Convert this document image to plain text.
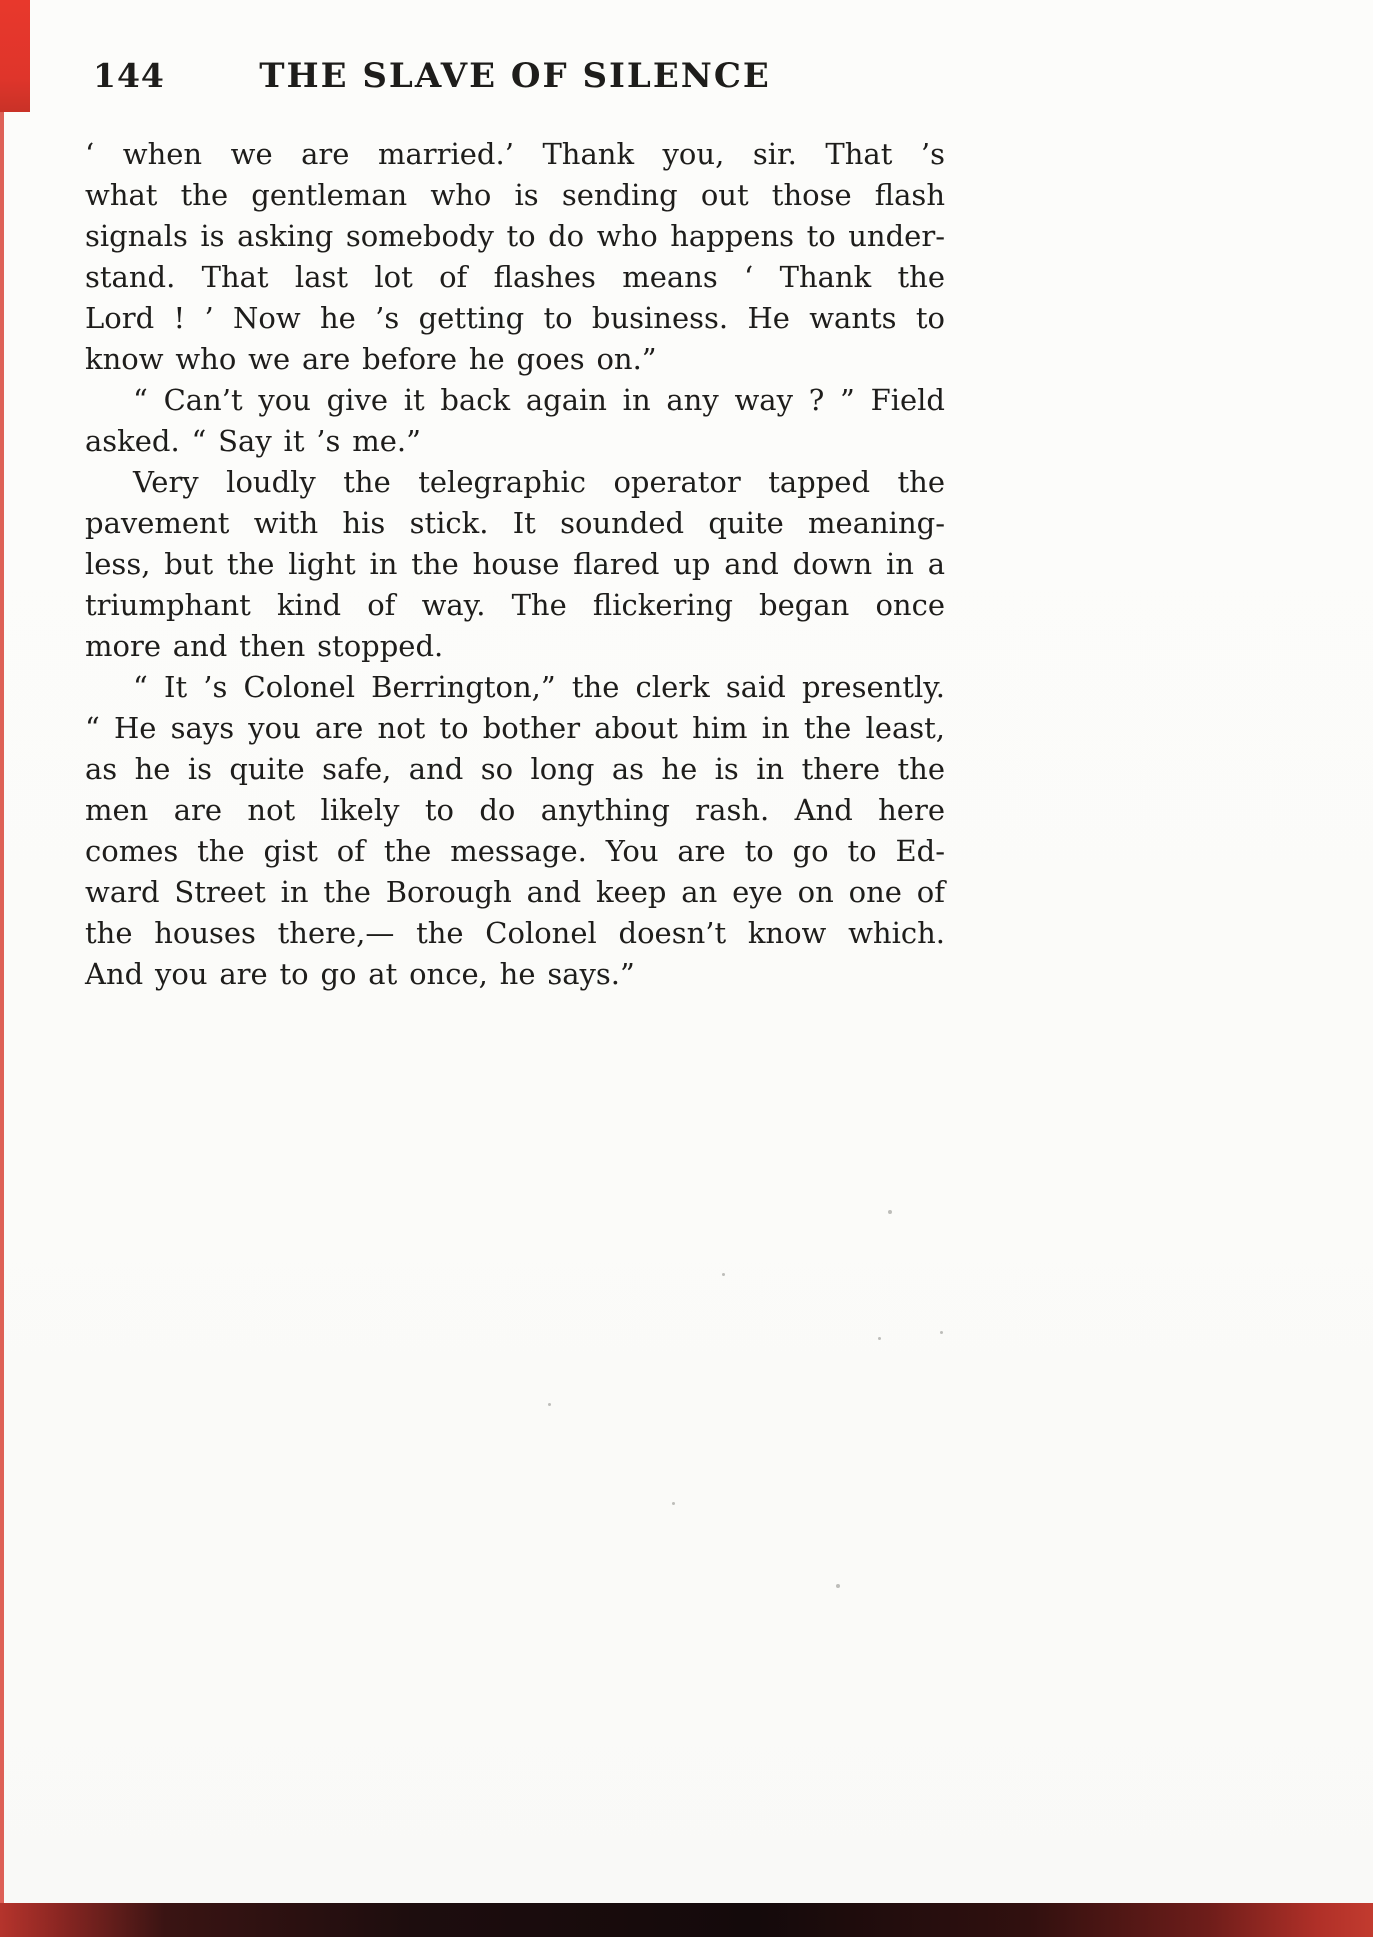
144	THE SLAVE OF SILENCE
‘ when we are married.’ Thank you, sir. That ’s
what the gentleman who is sending out those flash
signals is asking somebody to do who happens to under-
stand. That last lot of flashes means ‘ Thank the
Lord ! ’ Now he ’s getting to business. He wants to
know who we are before he goes on.”
“ Can’t you give it back again in any way ? ” Field
asked. “ Say it ’s me.”
Very loudly the telegraphic operator tapped the
pavement with his stick. It sounded quite meaning-
less, but the light in the house flared up and down in a
triumphant kind of way. The flickering began once
more and then stopped.
“ It ’s Colonel Berrington,” the clerk said presently.
“ He says you are not to bother about him in the least,
as he is quite safe, and so long as he is in there the
men are not likely to do anything rash. And here
comes the gist of the message. You are to go to Ed-
ward Street in the Borough and keep an eye on one of
the houses there,— the Colonel doesn’t know which.
And you are to go at once, he says.”
